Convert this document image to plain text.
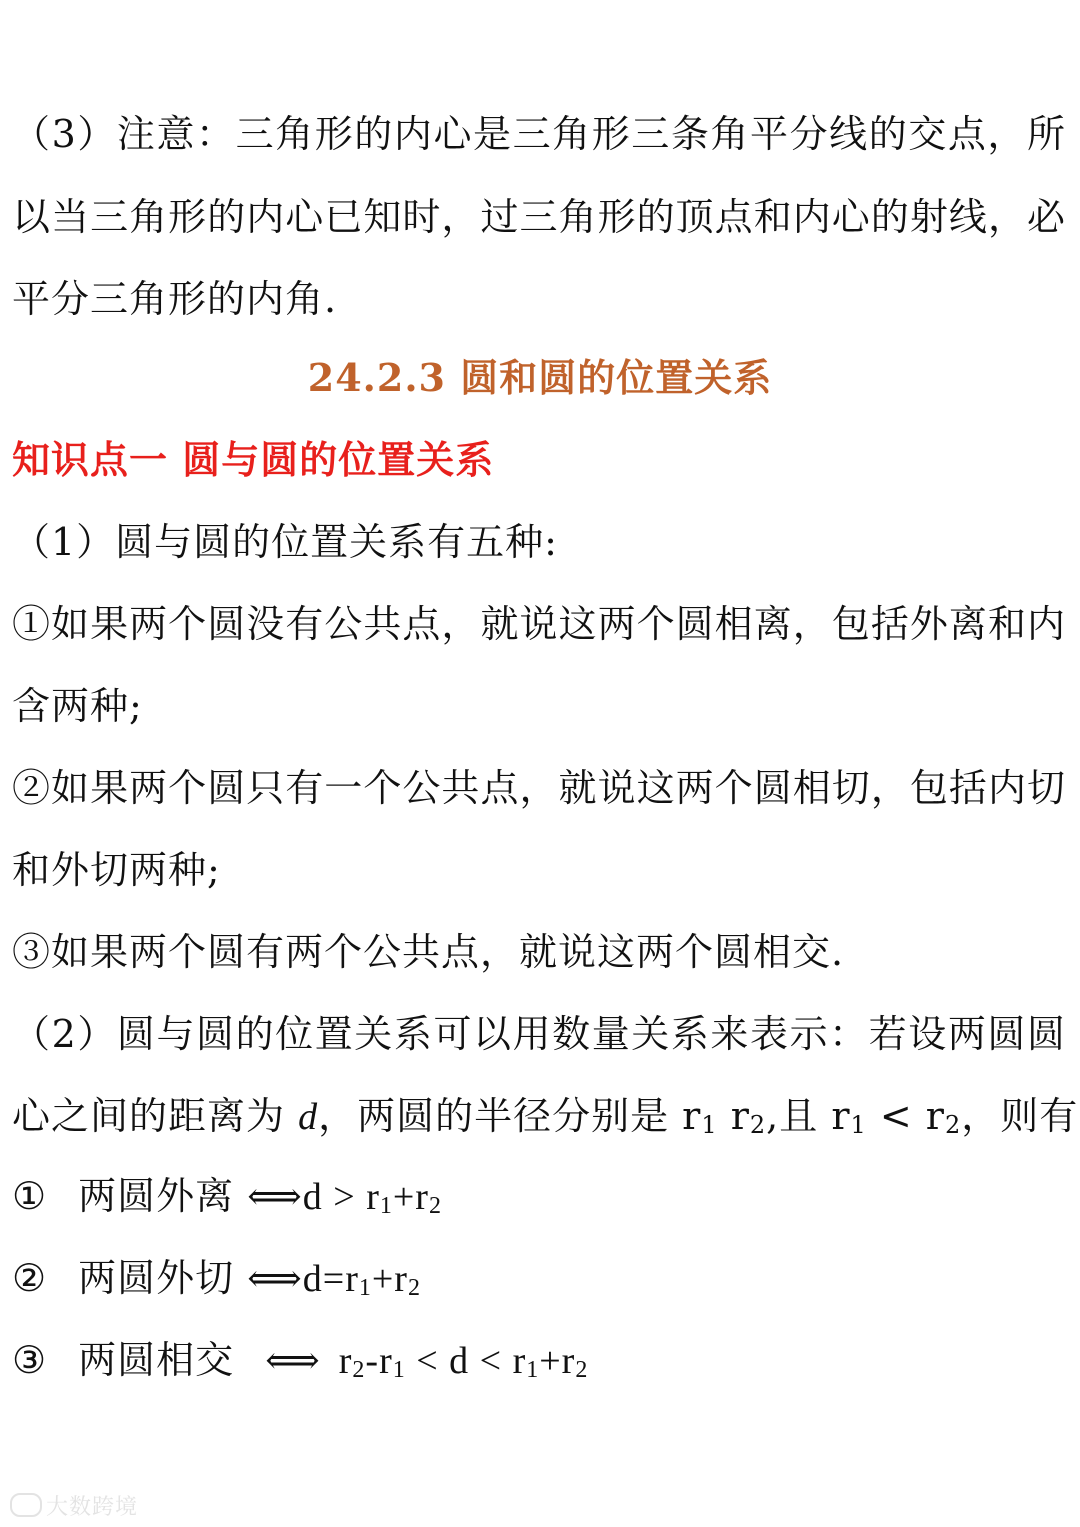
（3）注意：三角形的内心是三角形三条角平分线的交点，所
以当三角形的内心已知时，过三角形的顶点和内心的射线，必
平分三角形的内角.
24.2.3 圆和圆的位置关系
知识点一 圆与圆的位置关系
（1）圆与圆的位置关系有五种:
①如果两个圆没有公共点，就说这两个圆相离，包括外离和内
含两种;
②如果两个圆只有一个公共点，就说这两个圆相切，包括内切
和外切两种;
③如果两个圆有两个公共点，就说这两个圆相交.
（2）圆与圆的位置关系可以用数量关系来表示：若设两圆圆
心之间的距离为 d，两圆的半径分别是 r1 r2,且 r1 < r2，则有
① 两圆外离 ⟺d > r1+r2
② 两圆外切 ⟺d=r1+r2
③ 两圆相交 ⟺ r2-r1 < d < r1+r2
大数跨境
